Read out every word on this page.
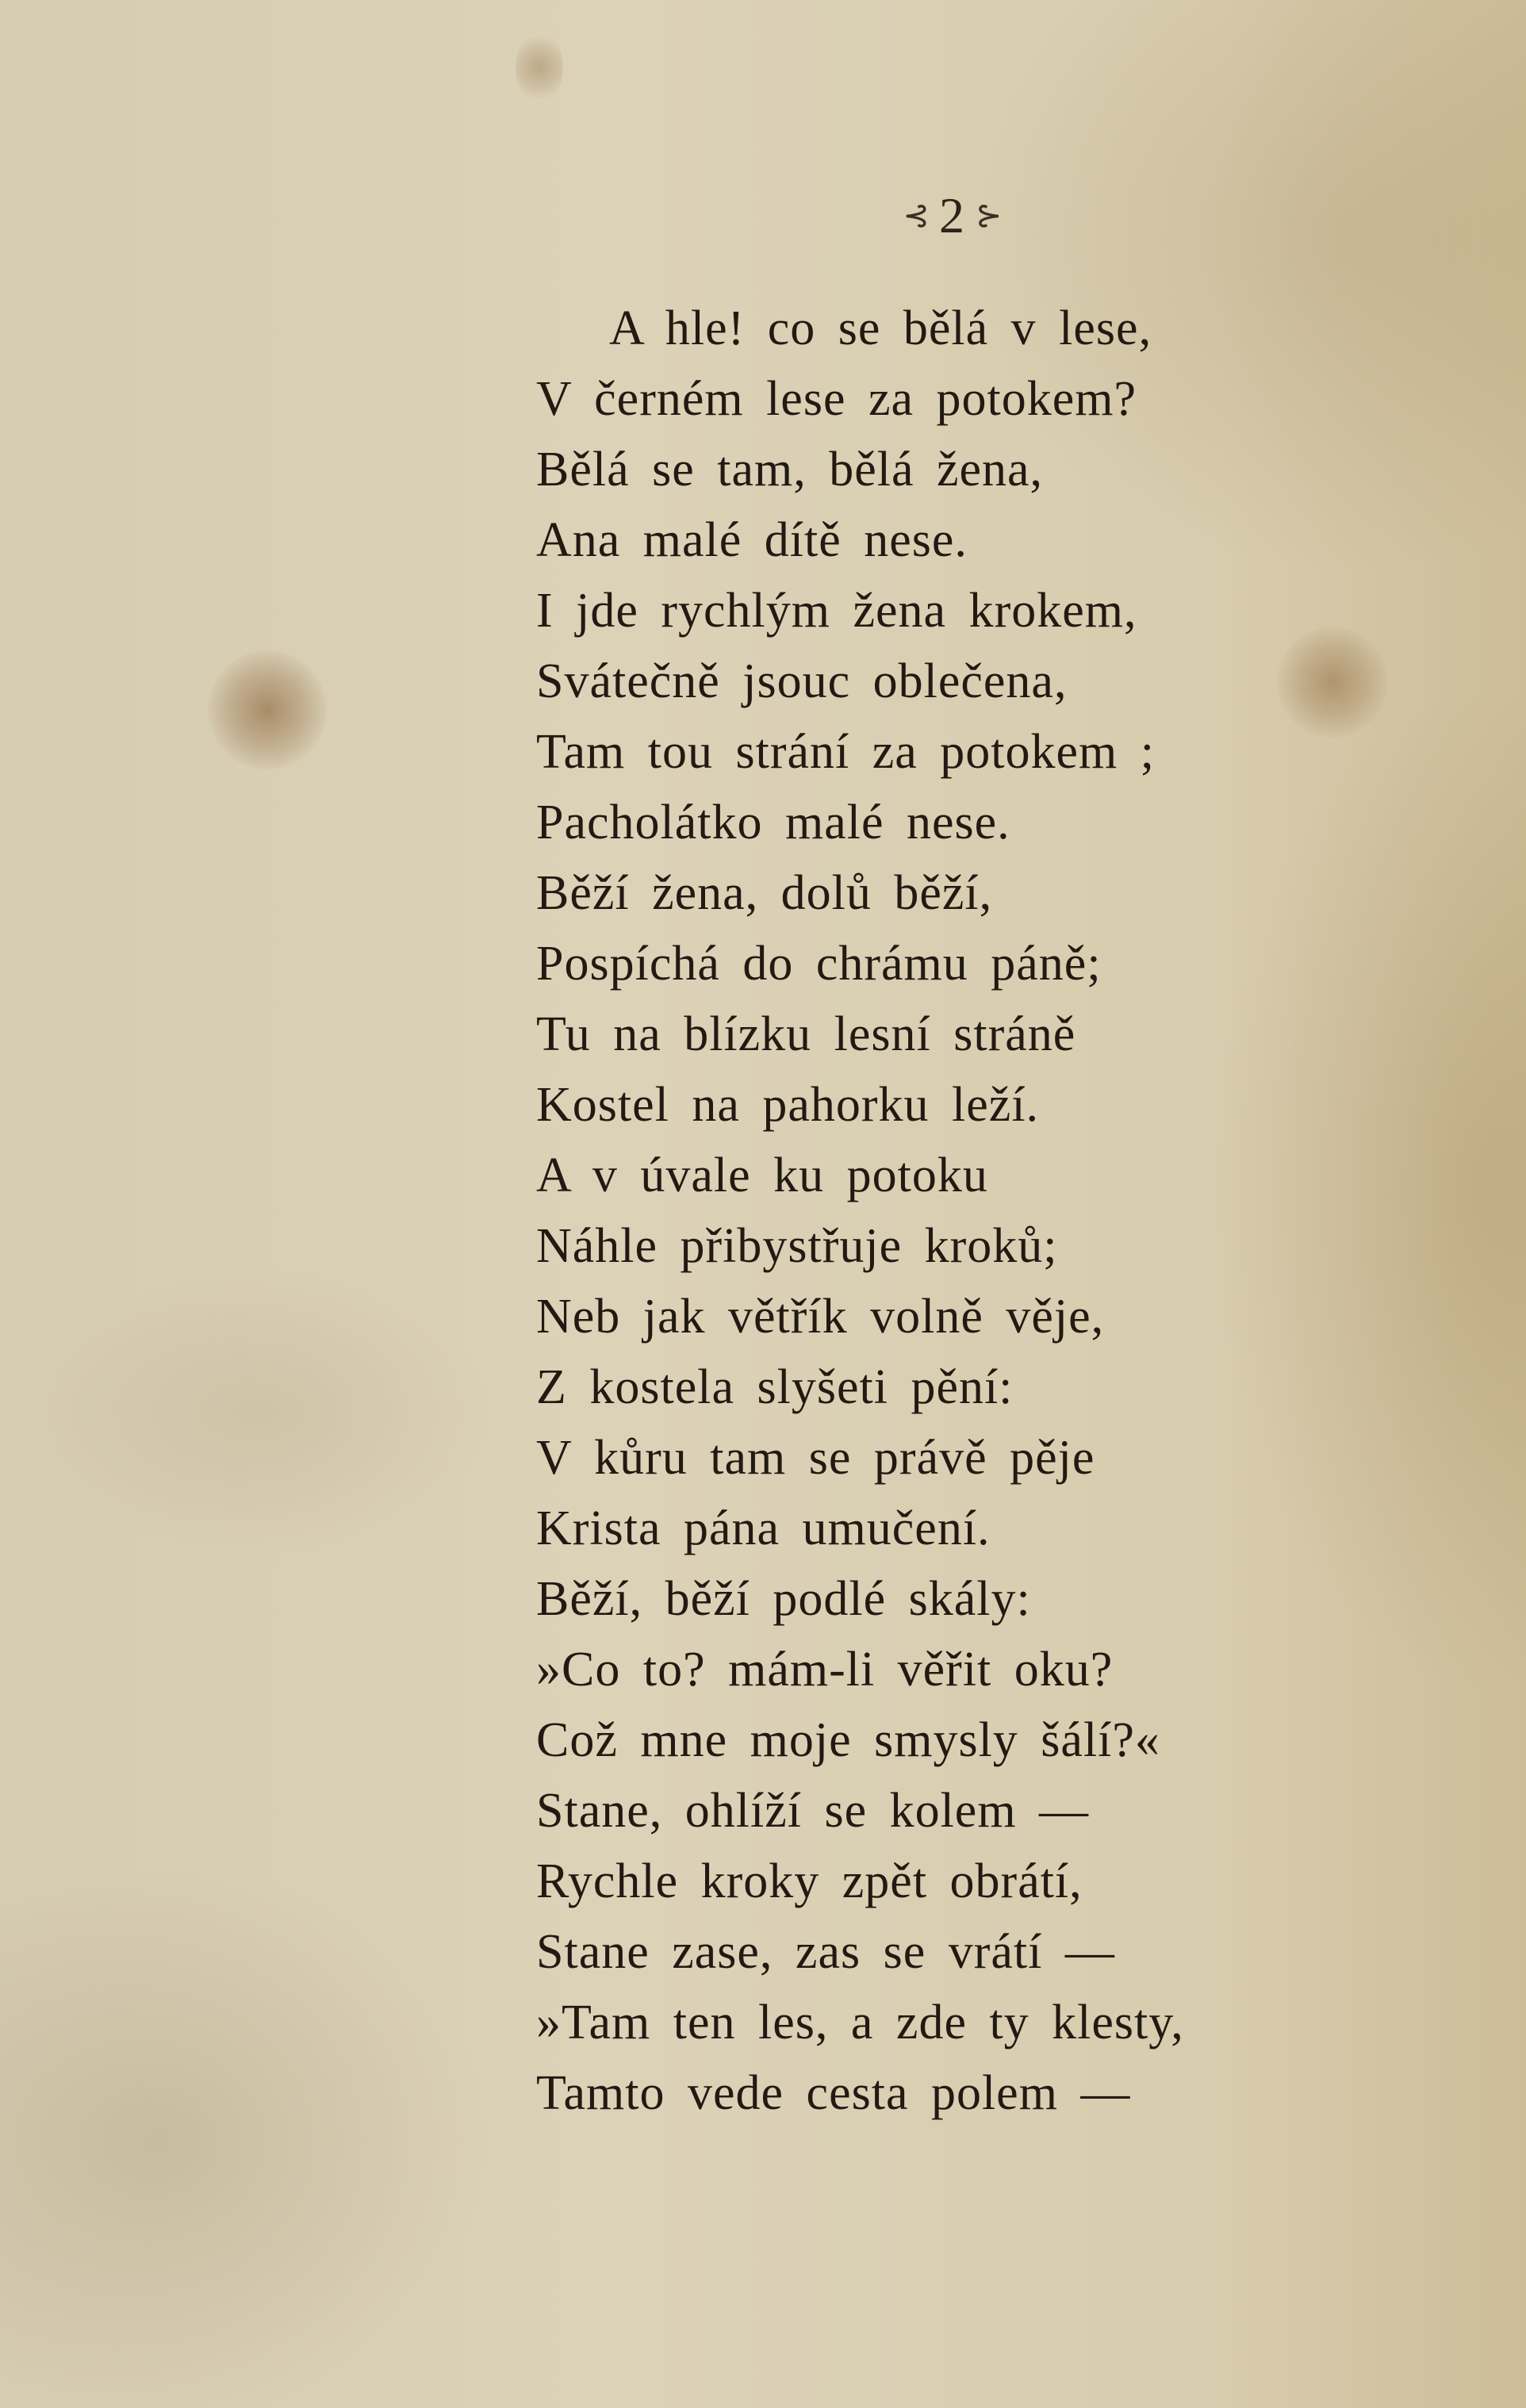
⊰ 2 ⊱
A hle! co se bělá v lese,
V černém lese za potokem?
Bělá se tam, bělá žena,
Ana malé dítě nese.
I jde rychlým žena krokem,
Svátečně jsouc oblečena,
Tam tou strání za potokem ;
Pacholátko malé nese.
Běží žena, dolů běží,
Pospíchá do chrámu páně;
Tu na blízku lesní stráně
Kostel na pahorku leží.
A v úvale ku potoku
Náhle přibystřuje kroků;
Neb jak větřík volně věje,
Z kostela slyšeti pění:
V kůru tam se právě pěje
Krista pána umučení.
Běží, běží podlé skály:
»Co to? mám-li věřit oku?
Což mne moje smysly šálí?«
Stane, ohlíží se kolem —
Rychle kroky zpět obrátí,
Stane zase, zas se vrátí —
»Tam ten les, a zde ty klesty,
Tamto vede cesta polem —
